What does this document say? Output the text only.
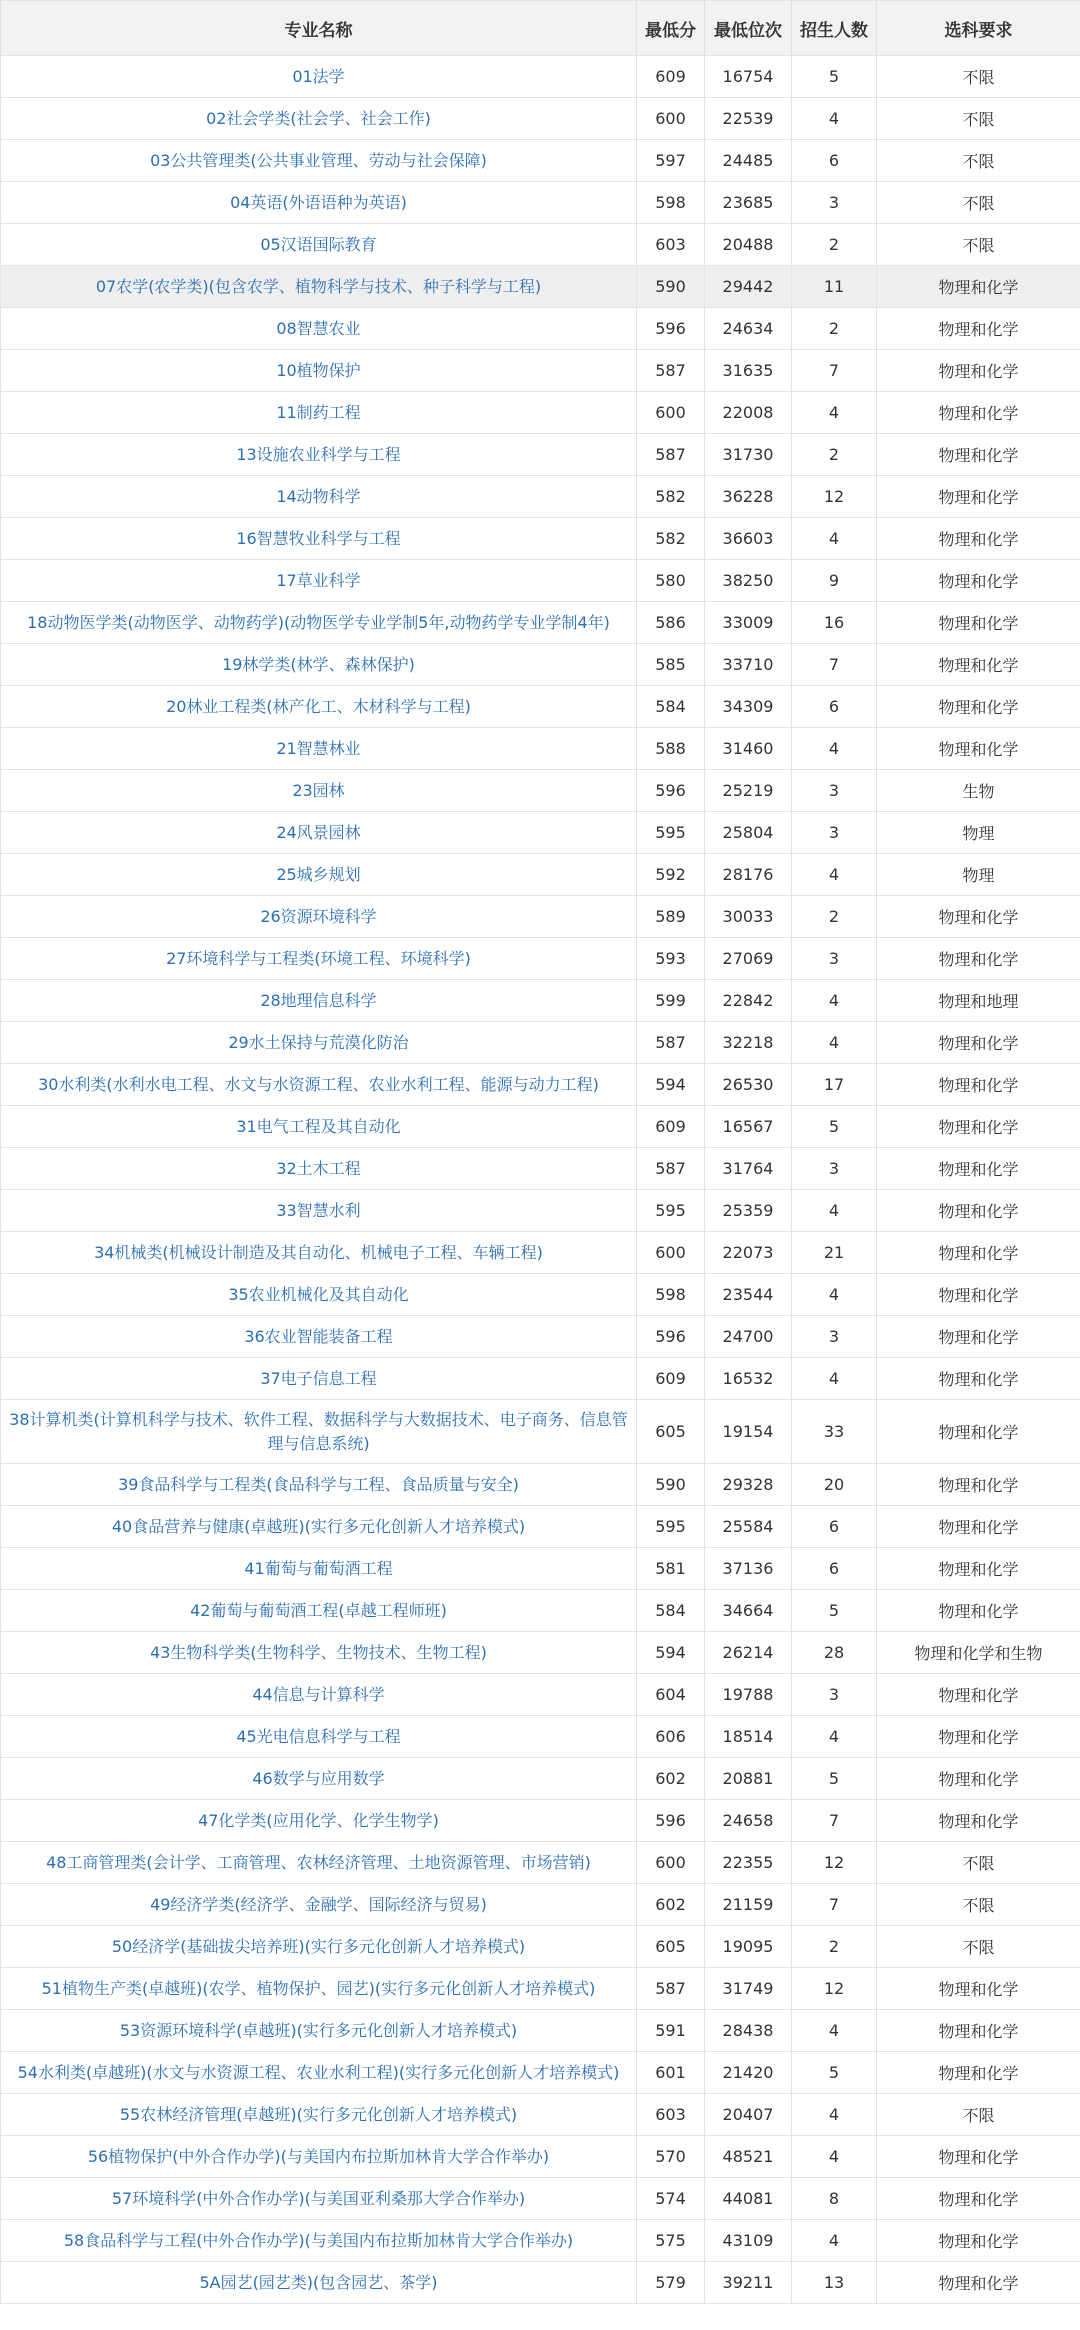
专业名称	最低分	最低位次	招生人数	选科要求
01法学	609	16754	5	不限
02社会学类(社会学、社会工作)	600	22539	4	不限
03公共管理类(公共事业管理、劳动与社会保障)	597	24485	6	不限
04英语(外语语种为英语)	598	23685	3	不限
05汉语国际教育	603	20488	2	不限
07农学(农学类)(包含农学、植物科学与技术、种子科学与工程)	590	29442	11	物理和化学
08智慧农业	596	24634	2	物理和化学
10植物保护	587	31635	7	物理和化学
11制药工程	600	22008	4	物理和化学
13设施农业科学与工程	587	31730	2	物理和化学
14动物科学	582	36228	12	物理和化学
16智慧牧业科学与工程	582	36603	4	物理和化学
17草业科学	580	38250	9	物理和化学
18动物医学类(动物医学、动物药学)(动物医学专业学制5年,动物药学专业学制4年)	586	33009	16	物理和化学
19林学类(林学、森林保护)	585	33710	7	物理和化学
20林业工程类(林产化工、木材科学与工程)	584	34309	6	物理和化学
21智慧林业	588	31460	4	物理和化学
23园林	596	25219	3	生物
24风景园林	595	25804	3	物理
25城乡规划	592	28176	4	物理
26资源环境科学	589	30033	2	物理和化学
27环境科学与工程类(环境工程、环境科学)	593	27069	3	物理和化学
28地理信息科学	599	22842	4	物理和地理
29水土保持与荒漠化防治	587	32218	4	物理和化学
30水利类(水利水电工程、水文与水资源工程、农业水利工程、能源与动力工程)	594	26530	17	物理和化学
31电气工程及其自动化	609	16567	5	物理和化学
32土木工程	587	31764	3	物理和化学
33智慧水利	595	25359	4	物理和化学
34机械类(机械设计制造及其自动化、机械电子工程、车辆工程)	600	22073	21	物理和化学
35农业机械化及其自动化	598	23544	4	物理和化学
36农业智能装备工程	596	24700	3	物理和化学
37电子信息工程	609	16532	4	物理和化学
38计算机类(计算机科学与技术、软件工程、数据科学与大数据技术、电子商务、信息管理与信息系统)	605	19154	33	物理和化学
39食品科学与工程类(食品科学与工程、食品质量与安全)	590	29328	20	物理和化学
40食品营养与健康(卓越班)(实行多元化创新人才培养模式)	595	25584	6	物理和化学
41葡萄与葡萄酒工程	581	37136	6	物理和化学
42葡萄与葡萄酒工程(卓越工程师班)	584	34664	5	物理和化学
43生物科学类(生物科学、生物技术、生物工程)	594	26214	28	物理和化学和生物
44信息与计算科学	604	19788	3	物理和化学
45光电信息科学与工程	606	18514	4	物理和化学
46数学与应用数学	602	20881	5	物理和化学
47化学类(应用化学、化学生物学)	596	24658	7	物理和化学
48工商管理类(会计学、工商管理、农林经济管理、土地资源管理、市场营销)	600	22355	12	不限
49经济学类(经济学、金融学、国际经济与贸易)	602	21159	7	不限
50经济学(基础拔尖培养班)(实行多元化创新人才培养模式)	605	19095	2	不限
51植物生产类(卓越班)(农学、植物保护、园艺)(实行多元化创新人才培养模式)	587	31749	12	物理和化学
53资源环境科学(卓越班)(实行多元化创新人才培养模式)	591	28438	4	物理和化学
54水利类(卓越班)(水文与水资源工程、农业水利工程)(实行多元化创新人才培养模式)	601	21420	5	物理和化学
55农林经济管理(卓越班)(实行多元化创新人才培养模式)	603	20407	4	不限
56植物保护(中外合作办学)(与美国内布拉斯加林肯大学合作举办)	570	48521	4	物理和化学
57环境科学(中外合作办学)(与美国亚利桑那大学合作举办)	574	44081	8	物理和化学
58食品科学与工程(中外合作办学)(与美国内布拉斯加林肯大学合作举办)	575	43109	4	物理和化学
5A园艺(园艺类)(包含园艺、茶学)	579	39211	13	物理和化学
